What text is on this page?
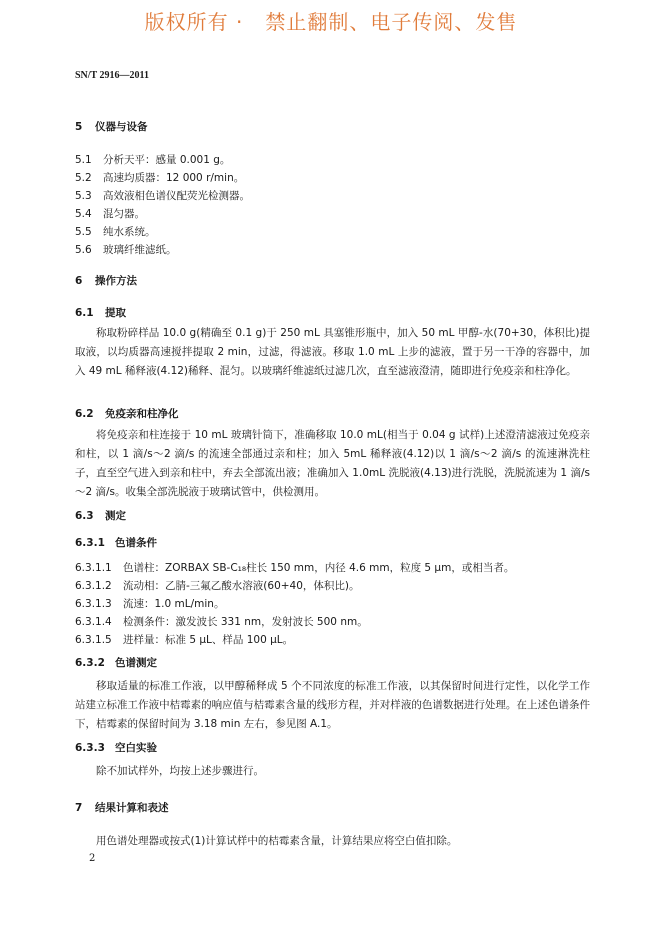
版权所有 ·   禁止翻制、电子传阅、发售
SN/T 2916—2011
5 仪器与设备
5.1 分析天平：感量 0.001 g。
5.2 高速均质器：12 000 r/min。
5.3 高效液相色谱仪配荧光检测器。
5.4 混匀器。
5.5 纯水系统。
5.6 玻璃纤维滤纸。
6 操作方法
6.1 提取
称取粉碎样品 10.0 g(精确至 0.1 g)于 250 mL 具塞锥形瓶中，加入 50 mL 甲醇-水(70+30，体积比)提取液，以均质器高速搅拌提取 2 min，过滤，得滤液。移取 1.0 mL 上步的滤液，置于另一干净的容器中，加入 49 mL 稀释液(4.12)稀释、混匀。以玻璃纤维滤纸过滤几次，直至滤液澄清，随即进行免疫亲和柱净化。
6.2 免疫亲和柱净化
将免疫亲和柱连接于 10 mL 玻璃针筒下，准确移取 10.0 mL(相当于 0.04 g 试样)上述澄清滤液过免疫亲和柱，以 1 滴/s～2 滴/s 的流速全部通过亲和柱；加入 5mL 稀释液(4.12)以 1 滴/s～2 滴/s 的流速淋洗柱子，直至空气进入到亲和柱中，弃去全部流出液；准确加入 1.0mL 洗脱液(4.13)进行洗脱，洗脱流速为 1 滴/s～2 滴/s。收集全部洗脱液于玻璃试管中，供检测用。
6.3 测定
6.3.1 色谱条件
6.3.1.1 色谱柱：ZORBAX SB-C₁₈柱长 150 mm，内径 4.6 mm，粒度 5 μm，或相当者。
6.3.1.2 流动相：乙腈-三氟乙酸水溶液(60+40，体积比)。
6.3.1.3 流速：1.0 mL/min。
6.3.1.4 检测条件：激发波长 331 nm，发射波长 500 nm。
6.3.1.5 进样量：标准 5 μL、样品 100 μL。
6.3.2 色谱测定
移取适量的标准工作液，以甲醇稀释成 5 个不同浓度的标准工作液，以其保留时间进行定性，以化学工作站建立标准工作液中桔霉素的响应值与桔霉素含量的线形方程，并对样液的色谱数据进行处理。在上述色谱条件下，桔霉素的保留时间为 3.18 min 左右，参见图 A.1。
6.3.3 空白实验
除不加试样外，均按上述步骤进行。
7 结果计算和表述
用色谱处理器或按式(1)计算试样中的桔霉素含量，计算结果应将空白值扣除。
2
